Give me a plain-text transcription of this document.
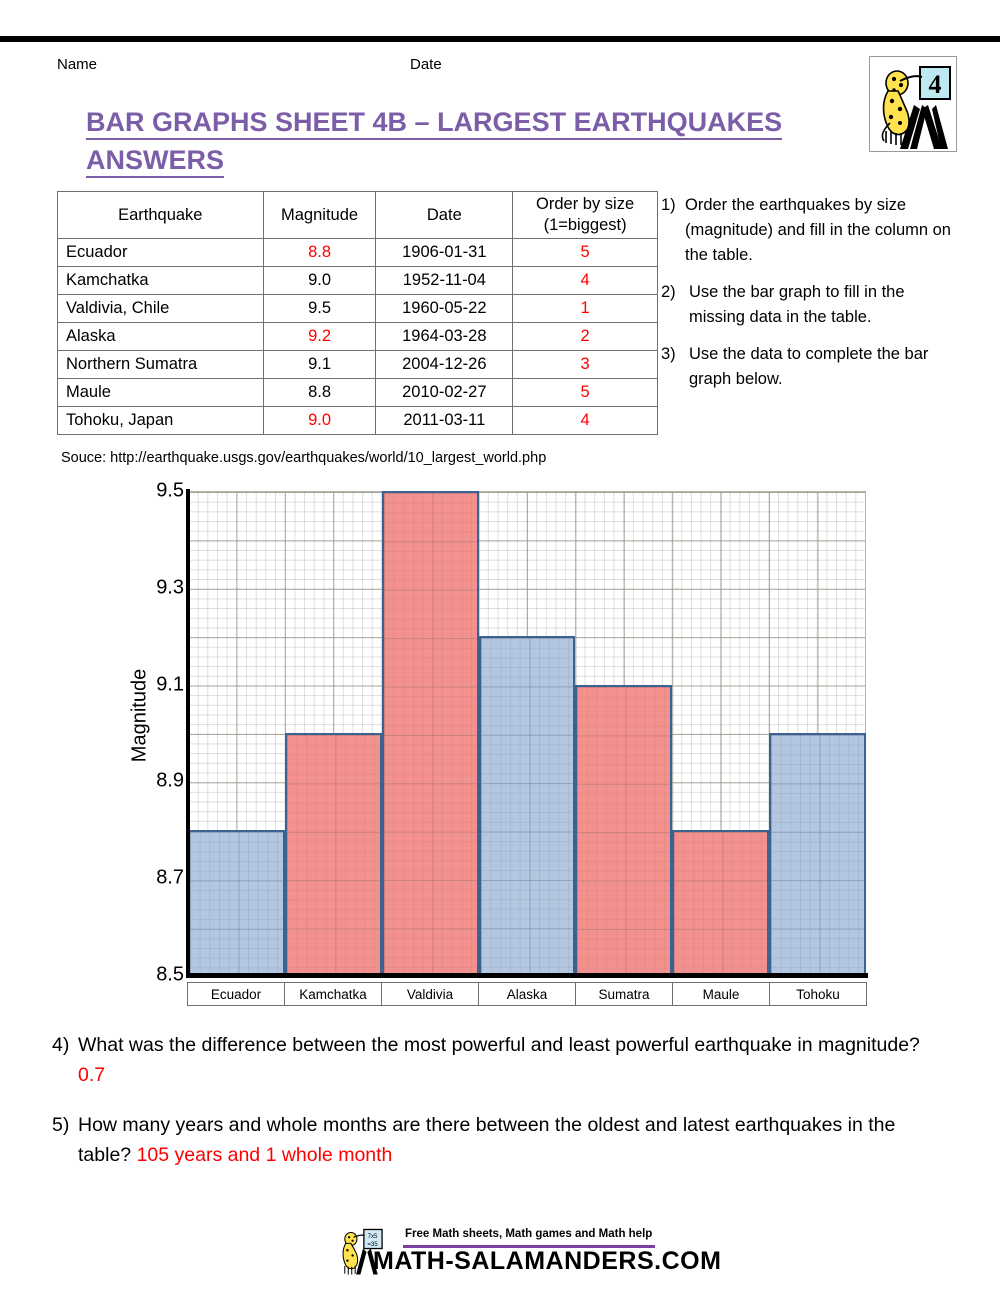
Name	Date
4
BAR GRAPHS SHEET 4B – LARGEST EARTHQUAKES
ANSWERS
Earthquake	Magnitude	Date	Order by size
(1=biggest)
Ecuador	8.8	1906-01-31	5
Kamchatka	9.0	1952-11-04	4
Valdivia, Chile	9.5	1960-05-22	1
Alaska	9.2	1964-03-28	2
Northern Sumatra	9.1	2004-12-26	3
Maule	8.8	2010-02-27	5
Tohoku, Japan	9.0	2011-03-11	4
1) Order the earthquakes by size (magnitude) and fill in the column on the table.
2) Use the bar graph to fill in the missing data in the table.
3) Use the data to complete the bar graph below.
Souce: http://earthquake.usgs.gov/earthquakes/world/10_largest_world.php
Magnitude
9.5
9.3
9.1
8.9
8.7
8.5
Ecuador	Kamchatka	Valdivia	Alaska	Sumatra	Maule	Tohoku
4) What was the difference between the most powerful and least powerful earthquake in magnitude? 0.7
5) How many years and whole months are there between the oldest and latest earthquakes in the table? 105 years and 1 whole month
7x5
=35
Free Math sheets, Math games and Math help
MATH-SALAMANDERS.COM
